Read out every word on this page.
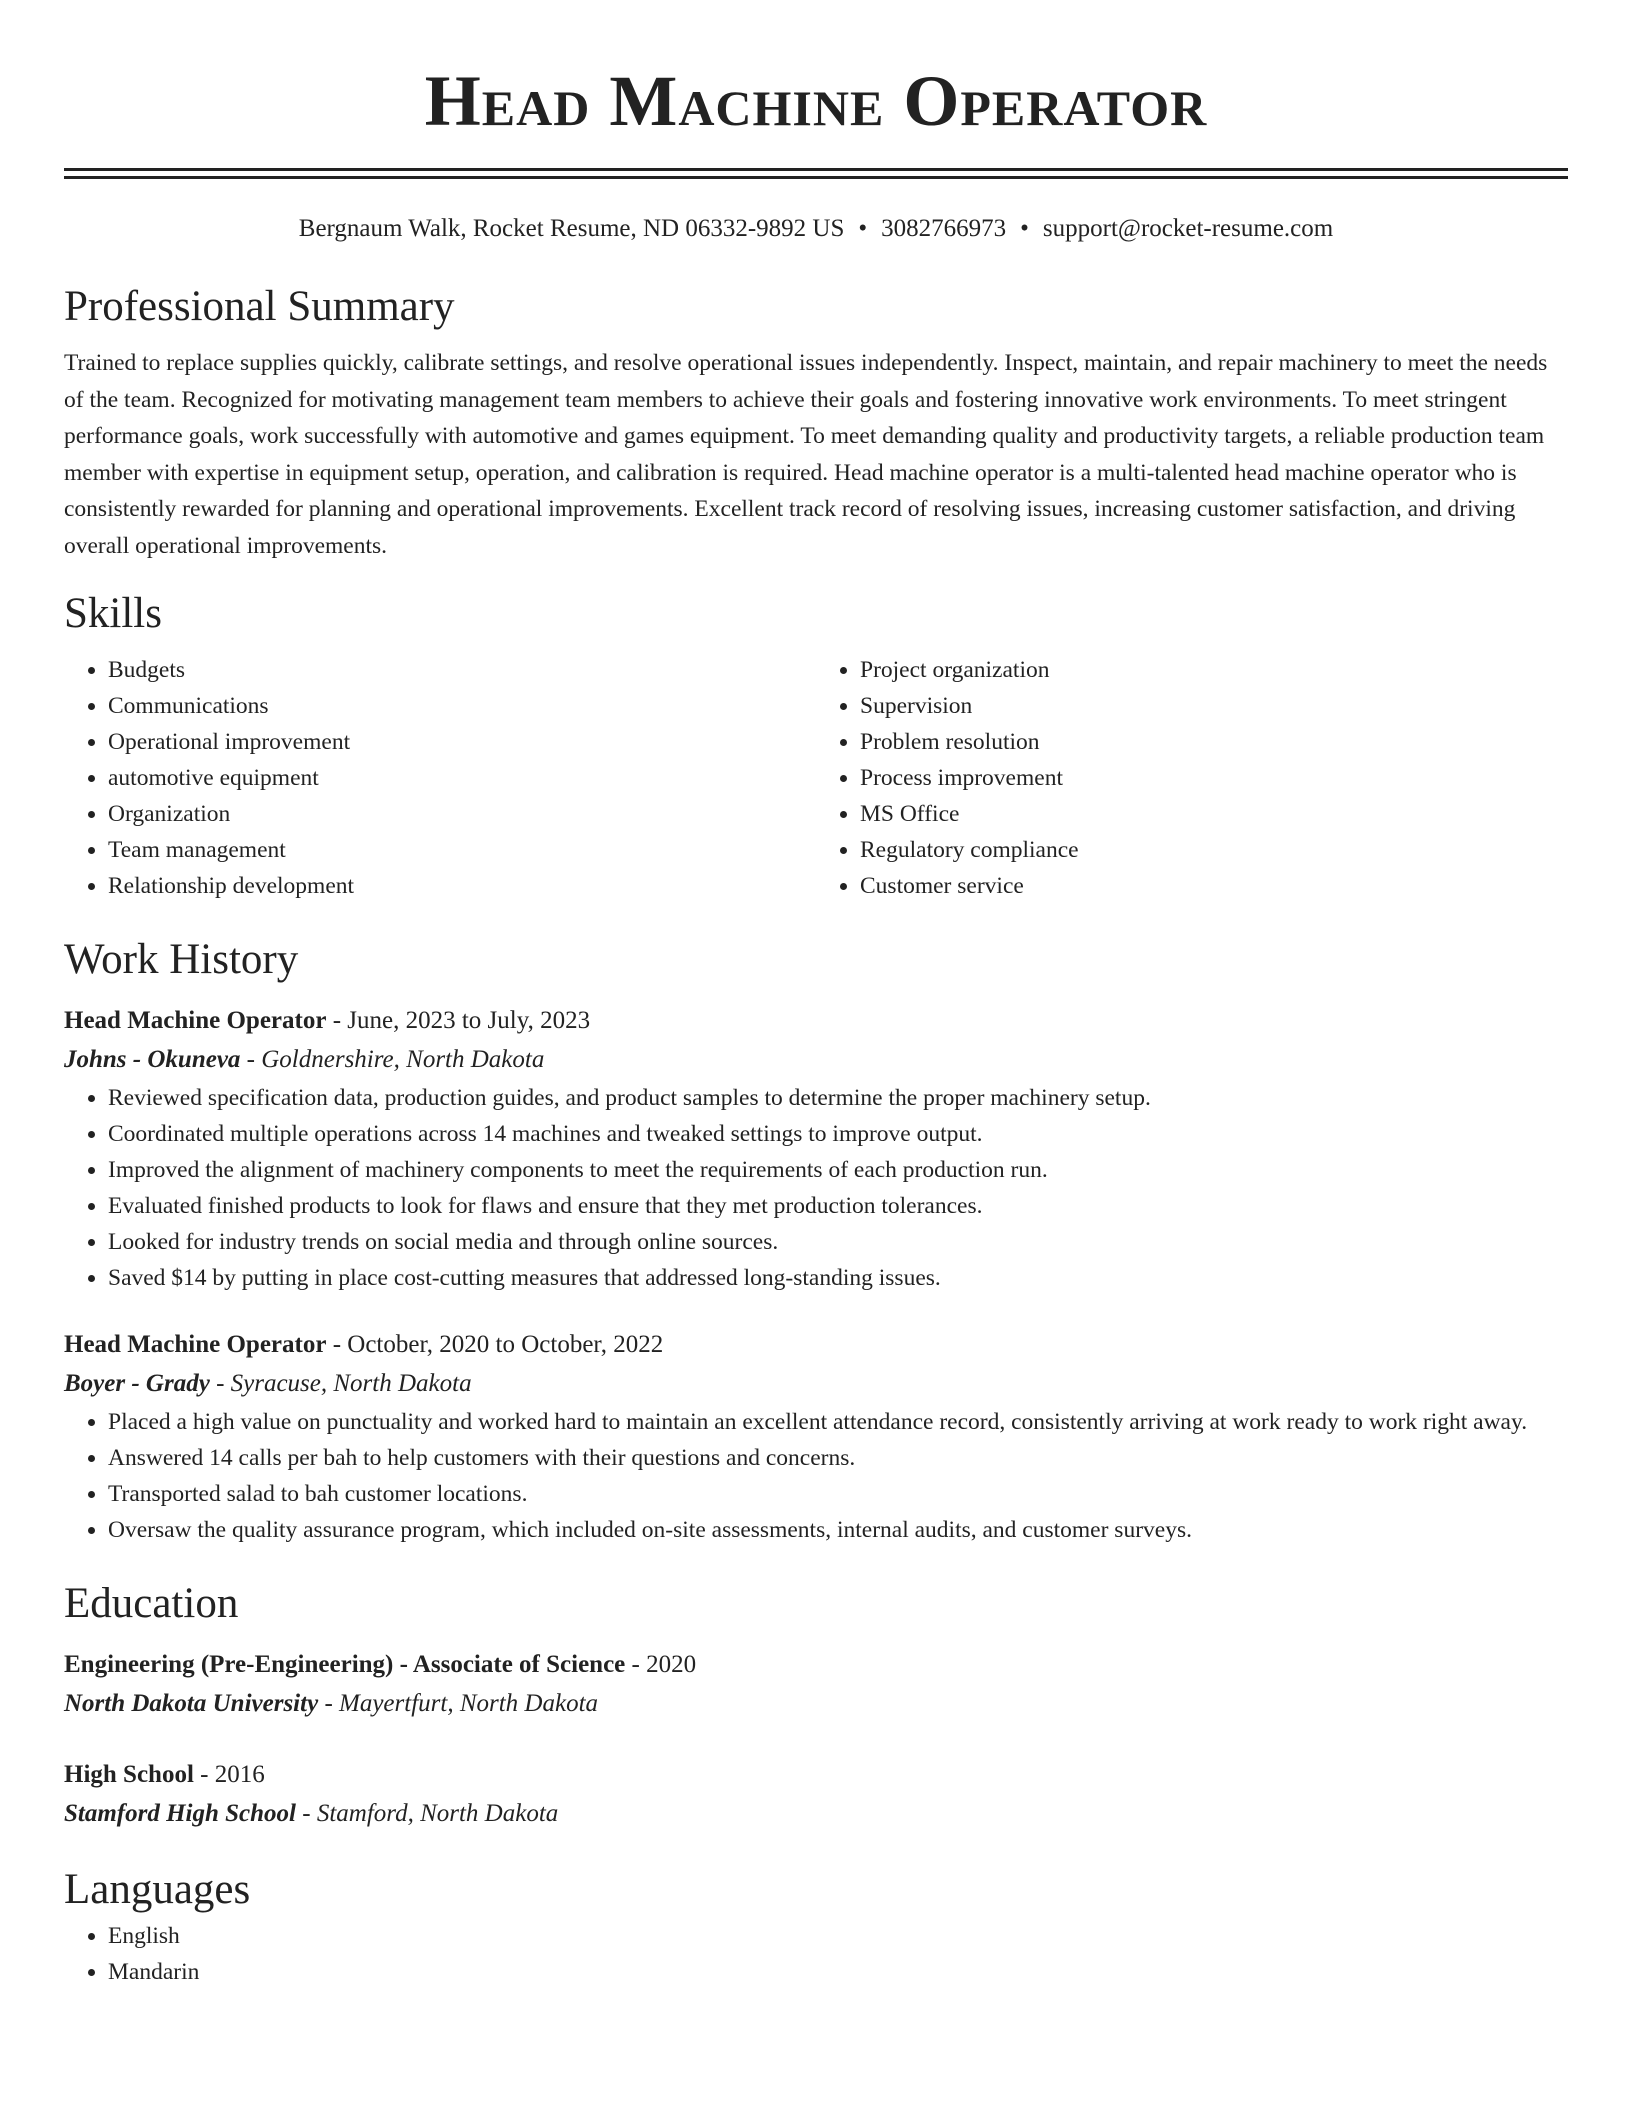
Head Machine Operator
Bergnaum Walk, Rocket Resume, ND 06332-9892 US • 3082766973 • support@rocket-resume.com
Professional Summary
Trained to replace supplies quickly, calibrate settings, and resolve operational issues independently. Inspect, maintain, and repair machinery to meet the needs of the team. Recognized for motivating management team members to achieve their goals and fostering innovative work environments. To meet stringent performance goals, work successfully with automotive and games equipment. To meet demanding quality and productivity targets, a reliable production team member with expertise in equipment setup, operation, and calibration is required. Head machine operator is a multi-talented head machine operator who is consistently rewarded for planning and operational improvements. Excellent track record of resolving issues, increasing customer satisfaction, and driving overall operational improvements.
Skills
• Budgets
• Communications
• Operational improvement
• automotive equipment
• Organization
• Team management
• Relationship development
• Project organization
• Supervision
• Problem resolution
• Process improvement
• MS Office
• Regulatory compliance
• Customer service
Work History
Head Machine Operator - June, 2023 to July, 2023
Johns - Okuneva - Goldnershire, North Dakota
• Reviewed specification data, production guides, and product samples to determine the proper machinery setup.
• Coordinated multiple operations across 14 machines and tweaked settings to improve output.
• Improved the alignment of machinery components to meet the requirements of each production run.
• Evaluated finished products to look for flaws and ensure that they met production tolerances.
• Looked for industry trends on social media and through online sources.
• Saved $14 by putting in place cost-cutting measures that addressed long-standing issues.
Head Machine Operator - October, 2020 to October, 2022
Boyer - Grady - Syracuse, North Dakota
• Placed a high value on punctuality and worked hard to maintain an excellent attendance record, consistently arriving at work ready to work right away.
• Answered 14 calls per bah to help customers with their questions and concerns.
• Transported salad to bah customer locations.
• Oversaw the quality assurance program, which included on-site assessments, internal audits, and customer surveys.
Education
Engineering (Pre-Engineering) - Associate of Science - 2020
North Dakota University - Mayertfurt, North Dakota
High School - 2016
Stamford High School - Stamford, North Dakota
Languages
• English
• Mandarin
